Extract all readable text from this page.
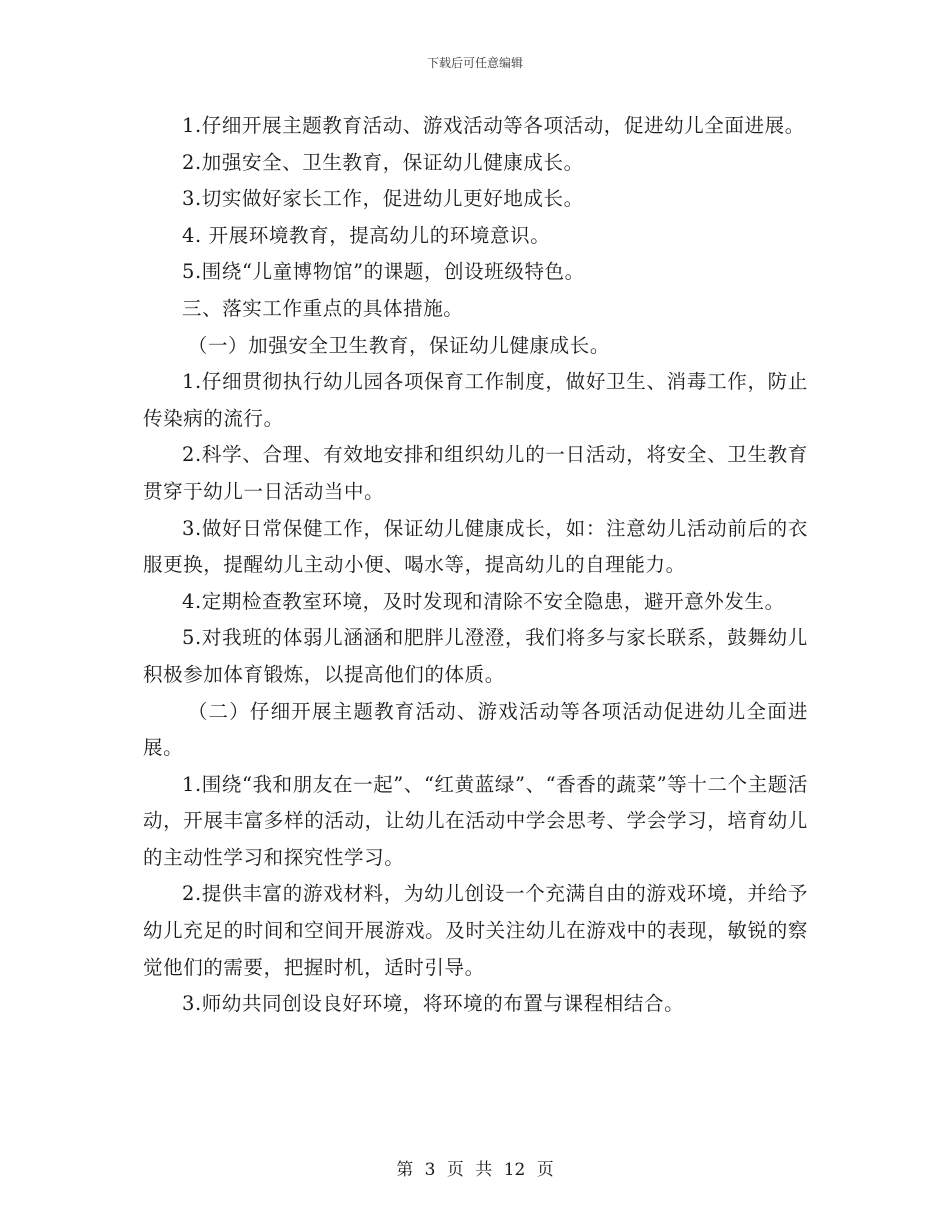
下载后可任意编辑

1.仔细开展主题教育活动、游戏活动等各项活动，促进幼儿全面进展。

2.加强安全、卫生教育，保证幼儿健康成长。

3.切实做好家长工作，促进幼儿更好地成长。

4. 开展环境教育，提高幼儿的环境意识。

5.围绕“儿童博物馆”的课题，创设班级特色。

三、落实工作重点的具体措施。

（一）加强安全卫生教育，保证幼儿健康成长。

1.仔细贯彻执行幼儿园各项保育工作制度，做好卫生、消毒工作，防止传染病的流行。

2.科学、合理、有效地安排和组织幼儿的一日活动，将安全、卫生教育贯穿于幼儿一日活动当中。

3.做好日常保健工作，保证幼儿健康成长，如：注意幼儿活动前后的衣服更换，提醒幼儿主动小便、喝水等，提高幼儿的自理能力。

4.定期检查教室环境，及时发现和清除不安全隐患，避开意外发生。

5.对我班的体弱儿涵涵和肥胖儿澄澄，我们将多与家长联系，鼓舞幼儿积极参加体育锻炼，以提高他们的体质。

（二）仔细开展主题教育活动、游戏活动等各项活动促进幼儿全面进展。

1.围绕“我和朋友在一起”、“红黄蓝绿”、“香香的蔬菜”等十二个主题活动，开展丰富多样的活动，让幼儿在活动中学会思考、学会学习，培育幼儿的主动性学习和探究性学习。

2.提供丰富的游戏材料，为幼儿创设一个充满自由的游戏环境，并给予幼儿充足的时间和空间开展游戏。及时关注幼儿在游戏中的表现，敏锐的察觉他们的需要，把握时机，适时引导。

3.师幼共同创设良好环境，将环境的布置与课程相结合。

第 3 页 共 12 页
